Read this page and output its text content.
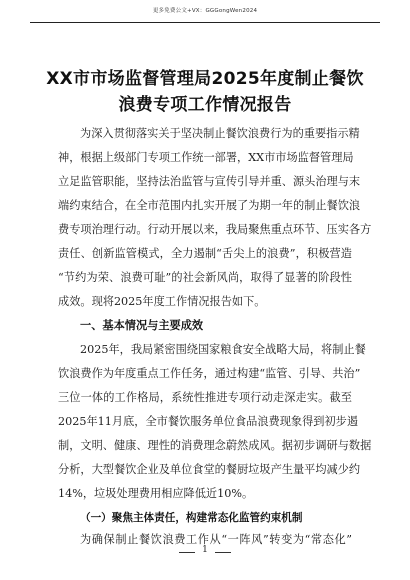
更多免费公文+VX：GGGongWen2024
XX市市场监督管理局2025年度制止餐饮
浪费专项工作情况报告
为深入贯彻落实关于坚决制止餐饮浪费行为的重要指示精
神，根据上级部门专项工作统一部署，XX市市场监督管理局
立足监管职能，坚持法治监管与宣传引导并重、源头治理与末
端约束结合，在全市范围内扎实开展了为期一年的制止餐饮浪
费专项治理行动。行动开展以来，我局聚焦重点环节、压实各方
责任、创新监管模式，全力遏制“舌尖上的浪费”，积极营造
“节约为荣、浪费可耻”的社会新风尚，取得了显著的阶段性
成效。现将2025年度工作情况报告如下。
一、基本情况与主要成效
2025年，我局紧密围绕国家粮食安全战略大局，将制止餐
饮浪费作为年度重点工作任务，通过构建“监管、引导、共治”
三位一体的工作格局，系统性推进专项行动走深走实。截至
2025年11月底，全市餐饮服务单位食品浪费现象得到初步遏
制，文明、健康、理性的消费理念蔚然成风。据初步调研与数据
分析，大型餐饮企业及单位食堂的餐厨垃圾产生量平均减少约
14%，垃圾处理费用相应降低近10%。
（一）聚焦主体责任，构建常态化监管约束机制
为确保制止餐饮浪费工作从“一阵风”转变为“常态化”
1
